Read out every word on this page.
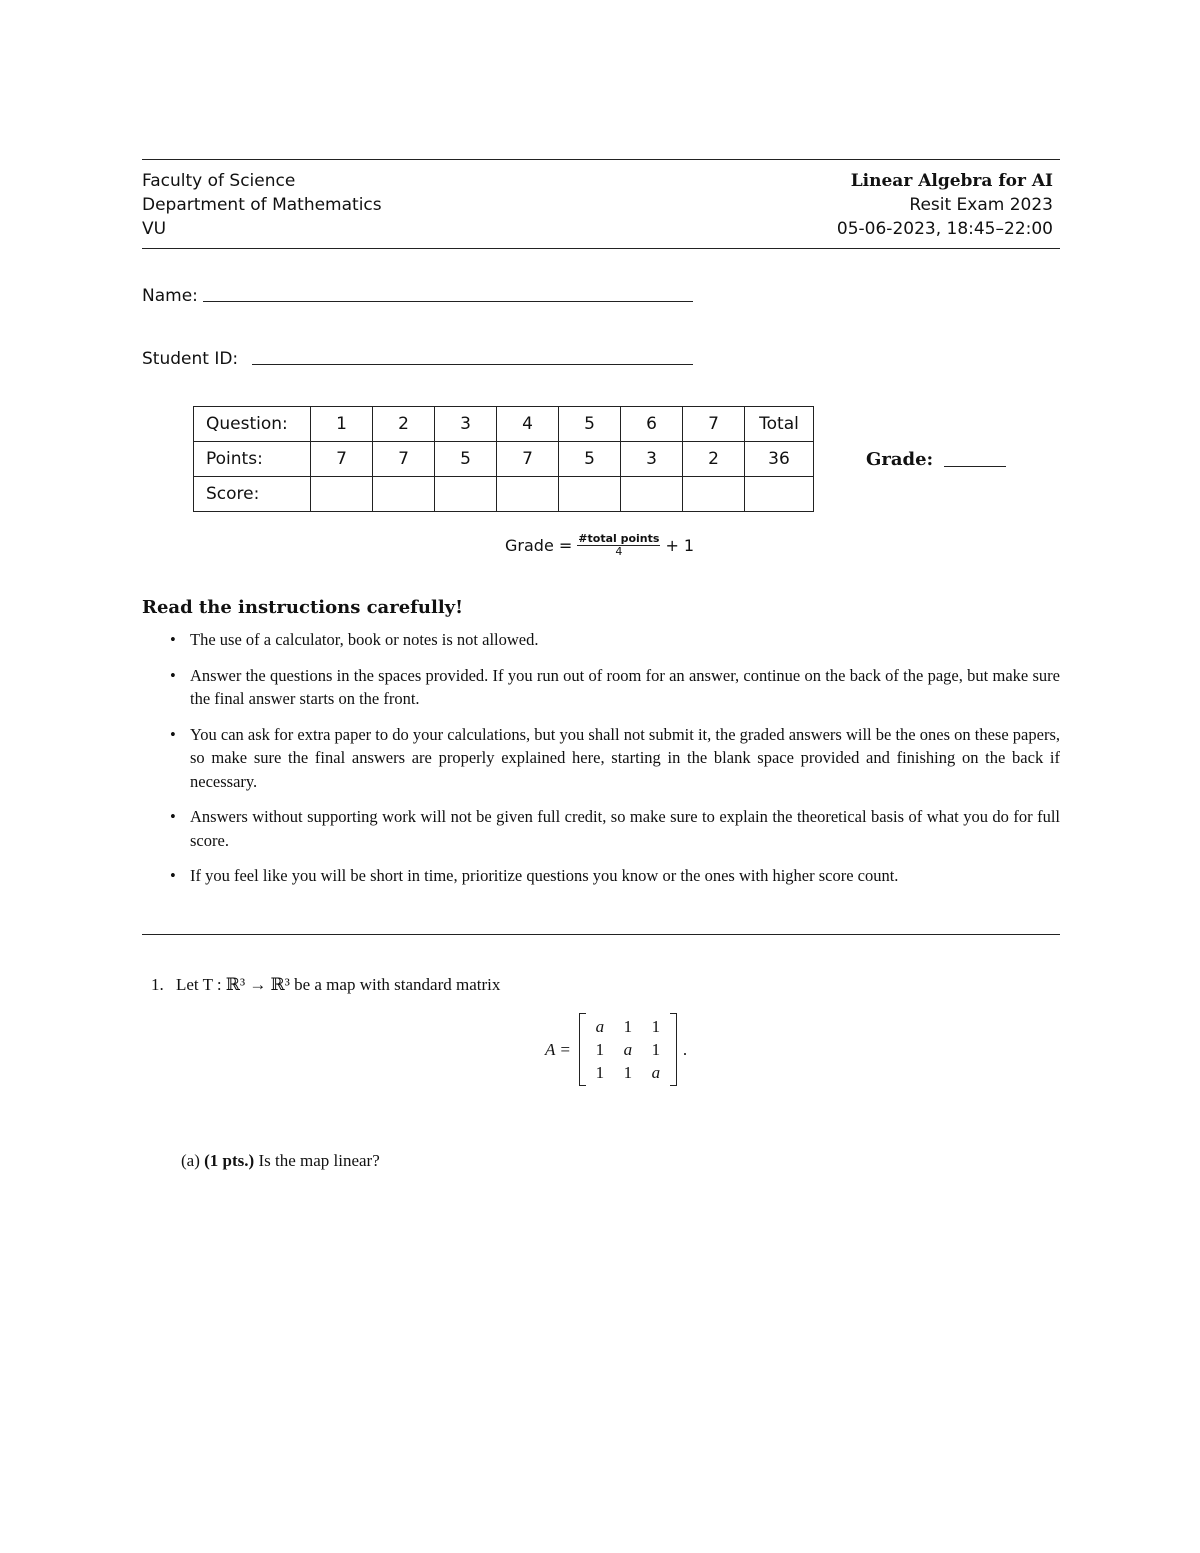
Faculty of Science
Department of Mathematics
VU
Linear Algebra for AI
Resit Exam 2023
05-06-2023, 18:45–22:00
Name:
Student ID:
Question:	1	2	3	4	5	6	7	Total
Points:	7	7	5	7	5	3	2	36
Score:								
Grade:
Grade = $\frac{\text{\#total points}}{4} + 1$
Read the instructions carefully!
• The use of a calculator, book or notes is not allowed.
• Answer the questions in the spaces provided. If you run out of room for an answer, continue on the back of the page, but make sure the final answer starts on the front.
• You can ask for extra paper to do your calculations, but you shall not submit it, the graded answers will be the ones on these papers, so make sure the final answers are properly explained here, starting in the blank space provided and finishing on the back if necessary.
• Answers without supporting work will not be given full credit, so make sure to explain the theoretical basis of what you do for full score.
• If you feel like you will be short in time, prioritize questions you know or the ones with higher score count.
1. Let T : ℝ³ → ℝ³ be a map with standard matrix
A =
a	1	1
1	a	1
1	1	a
.
(a) (1 pts.) Is the map linear?
